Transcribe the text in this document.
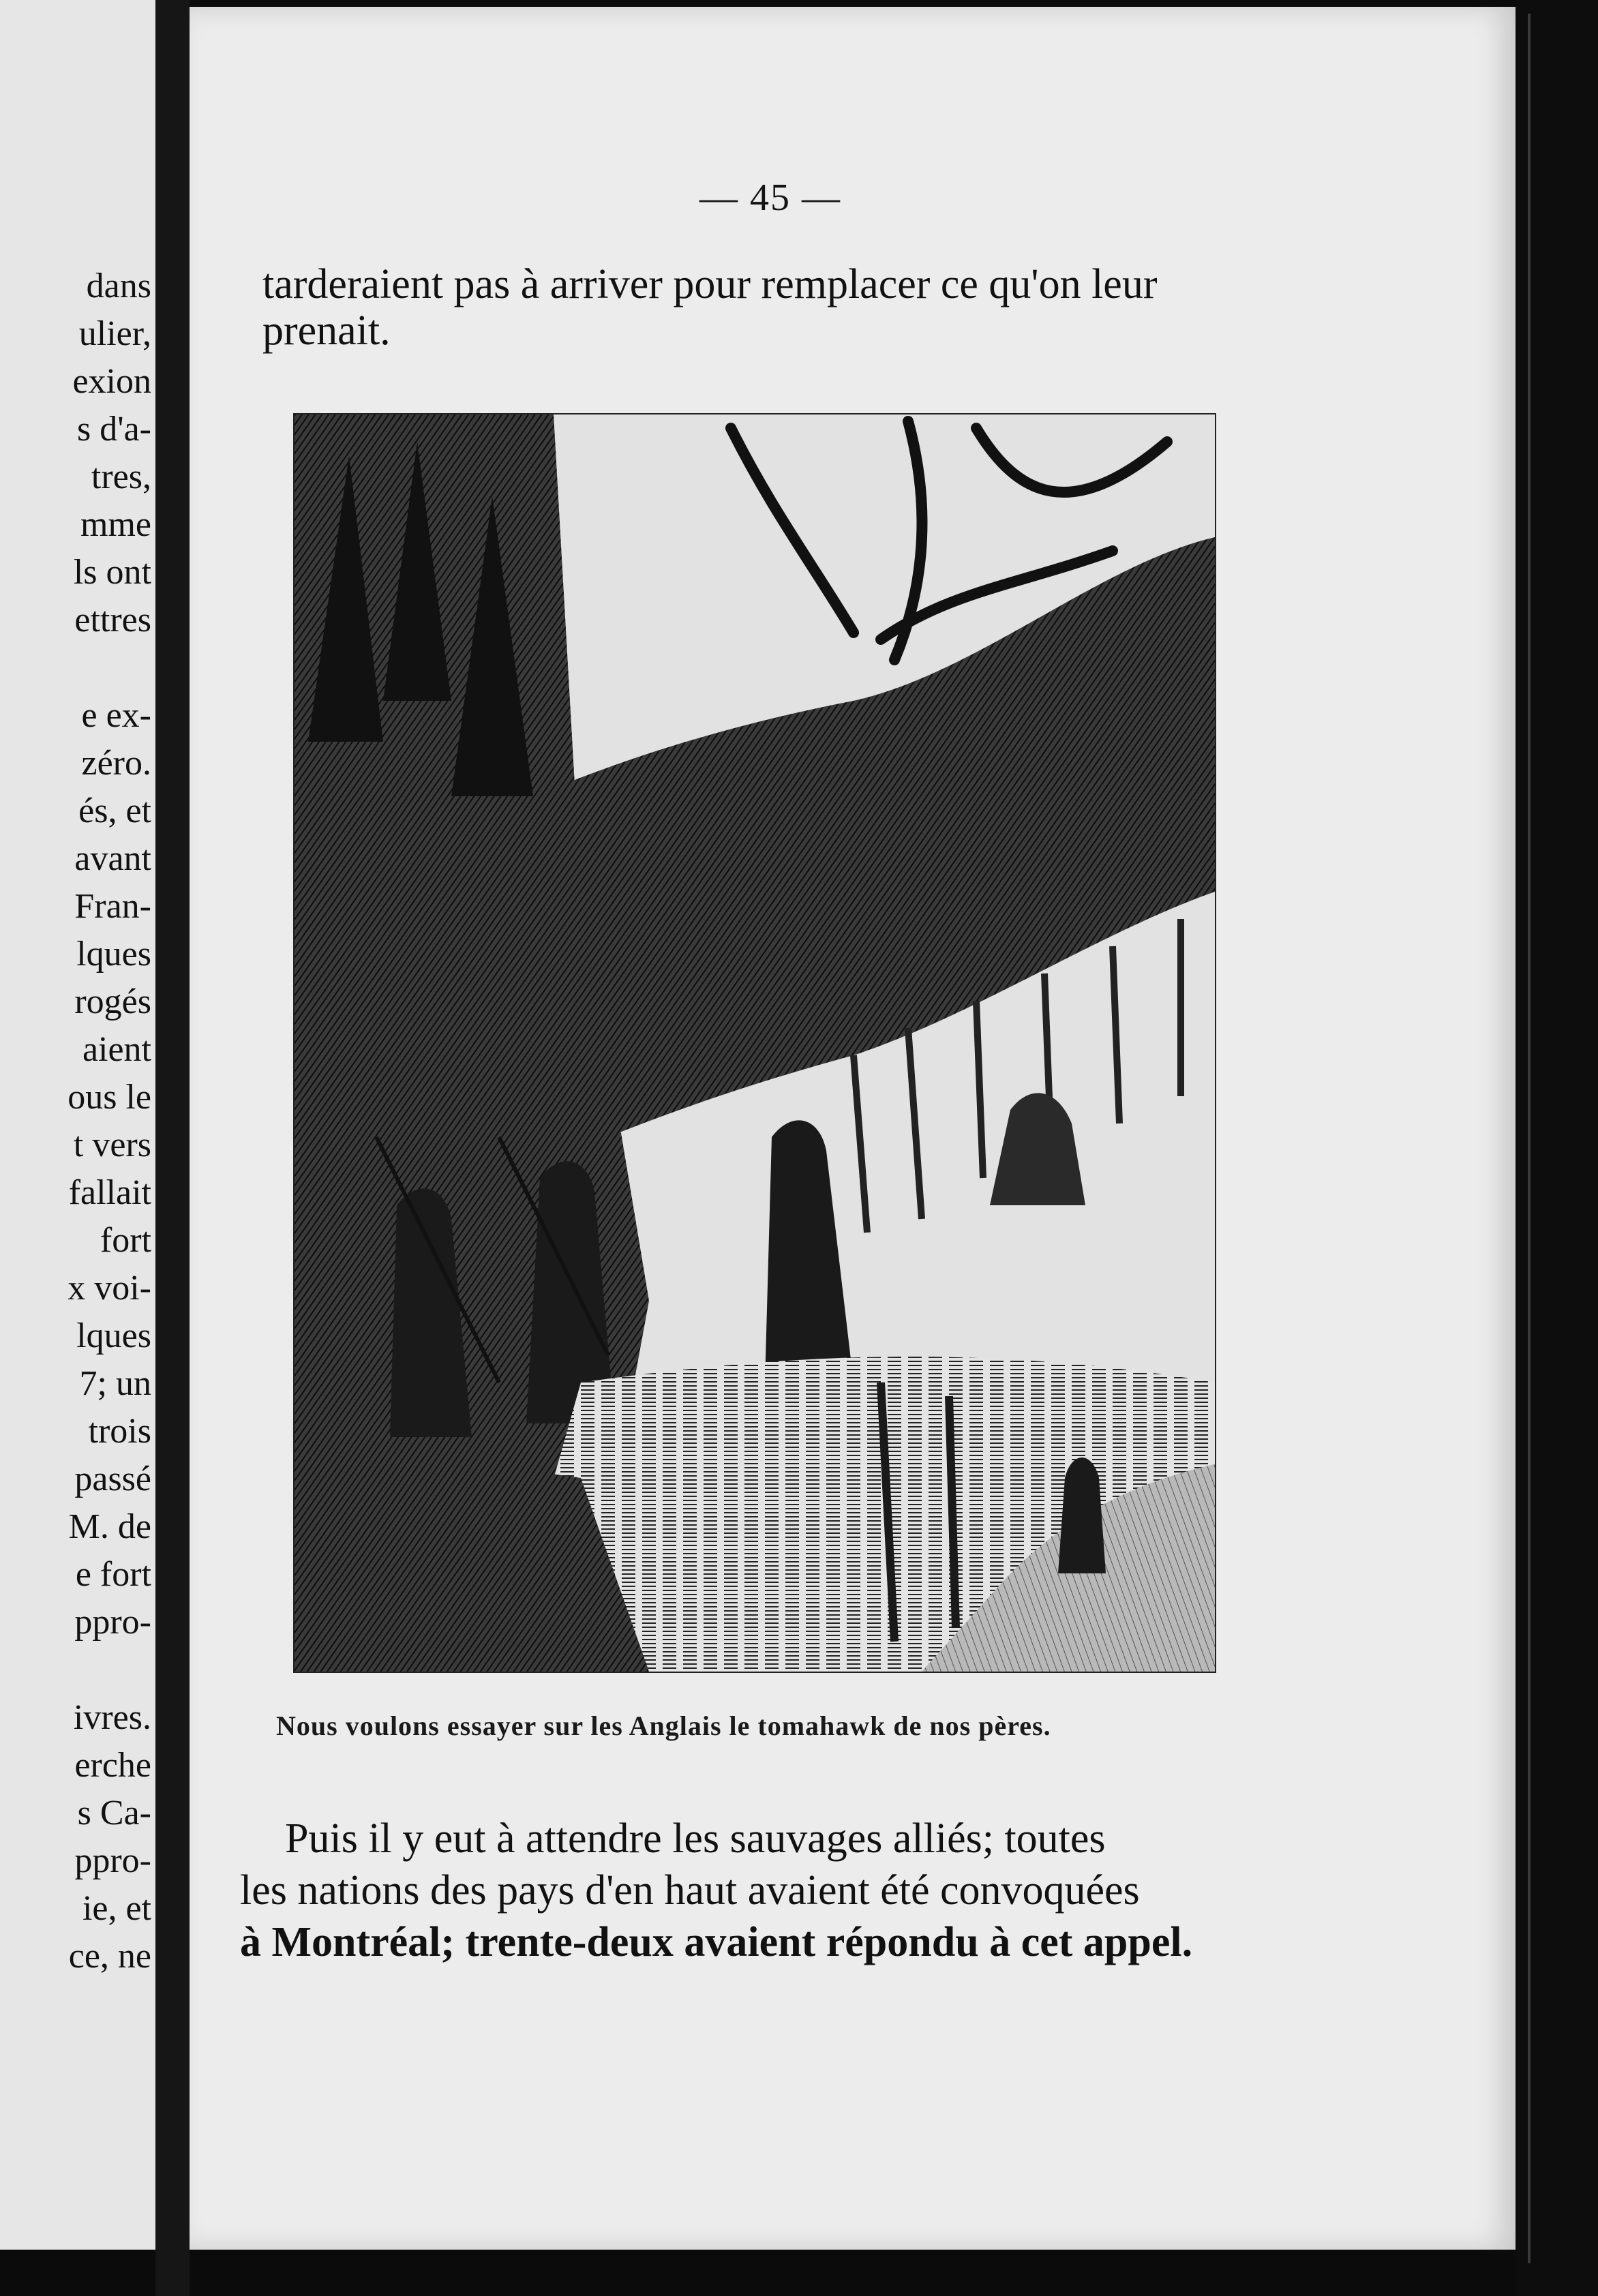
dans
ulier,
exion
s d'a-
tres,
mme
ls ont
ettres
e ex-
zéro.
és, et
avant
Fran-
lques
rogés
aient
ous le
t vers
fallait
fort
x voi-
lques
7; un
trois
passé
M. de
e fort
ppro-
ivres.
erche
s Ca-
ppro-
ie, et
ce, ne
— 45 —
tarderaient pas à arriver pour remplacer ce qu'on leur
prenait.
Nous voulons essayer sur les Anglais le tomahawk de nos pères.
Puis il y eut à attendre les sauvages alliés; toutes
les nations des pays d'en haut avaient été convoquées
à Montréal; trente-deux avaient répondu à cet appel.
